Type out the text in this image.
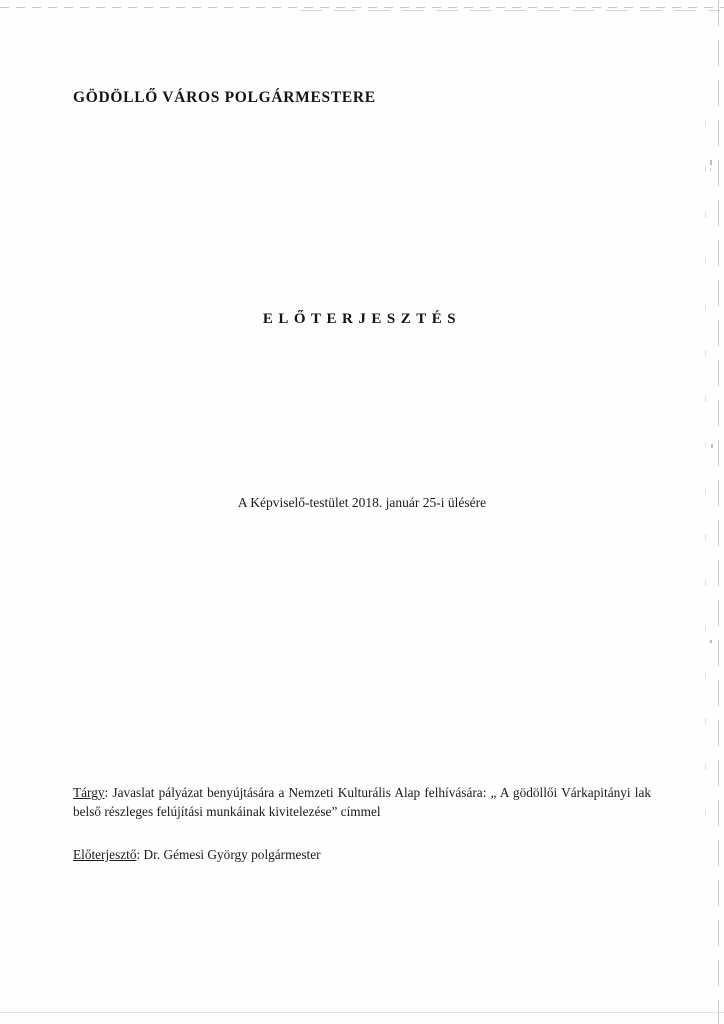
GÖDÖLLŐ VÁROS POLGÁRMESTERE
ELŐTERJESZTÉS
A Képviselő-testület 2018. január 25-i ülésére
Tárgy: Javaslat pályázat benyújtására a Nemzeti Kulturális Alap felhívására: „ A gödöllői Várkapitányi lak belső részleges felújítási munkáinak kivitelezése” címmel
Előterjesztő: Dr. Gémesi György polgármester
